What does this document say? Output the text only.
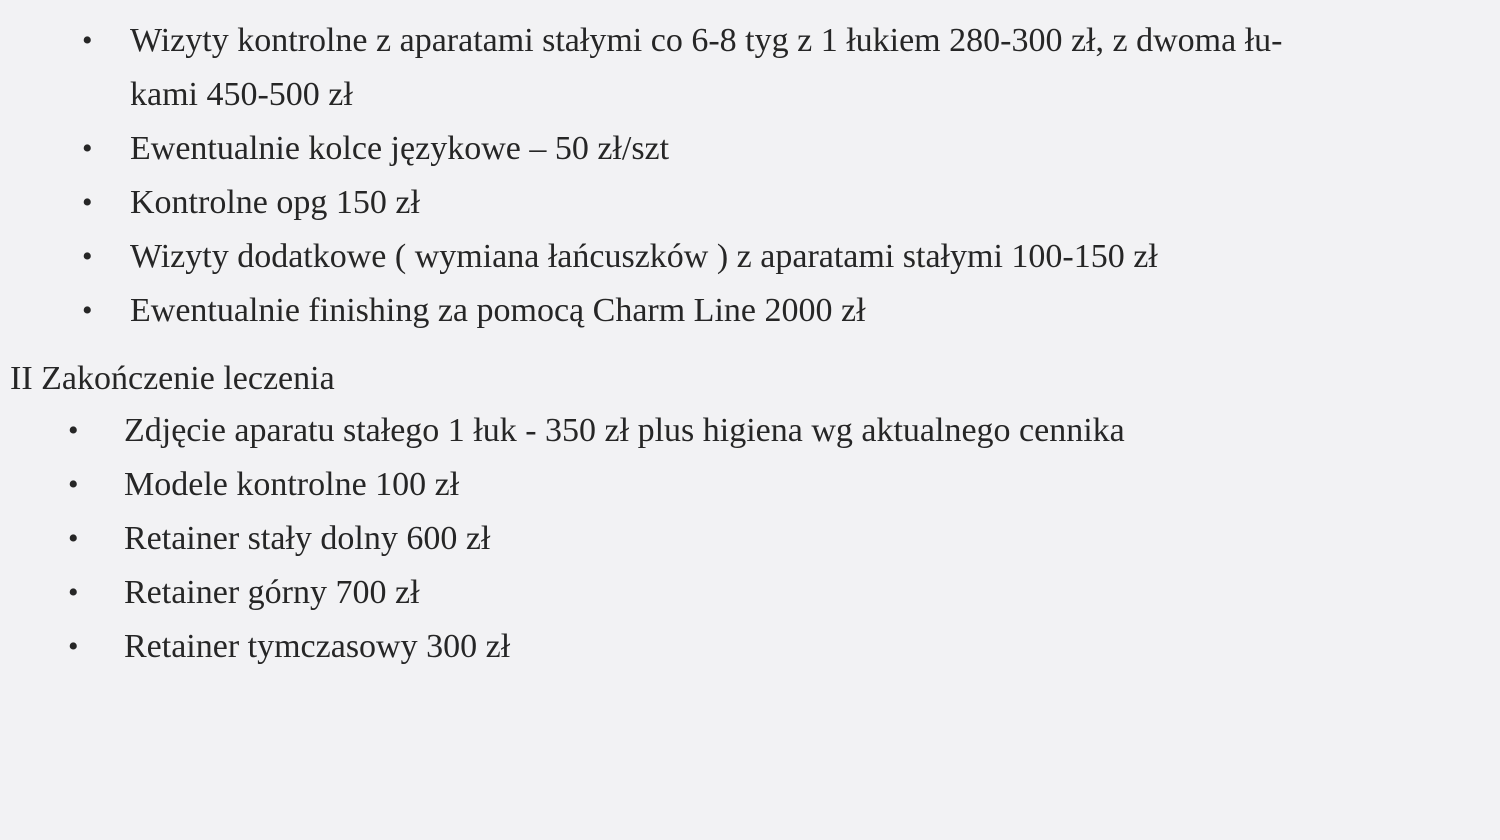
• Wizyty kontrolne z aparatami stałymi co 6-8 tyg z 1 łukiem 280-300 zł, z dwoma łu-
kami 450-500 zł
• Ewentualnie kolce językowe – 50 zł/szt
• Kontrolne opg 150 zł
• Wizyty dodatkowe ( wymiana łańcuszków ) z aparatami stałymi 100-150 zł
• Ewentualnie finishing za pomocą Charm Line 2000 zł
II Zakończenie leczenia
• Zdjęcie aparatu stałego 1 łuk - 350 zł plus higiena wg aktualnego cennika
• Modele kontrolne 100 zł
• Retainer stały dolny 600 zł
• Retainer górny 700 zł
• Retainer tymczasowy 300 zł
